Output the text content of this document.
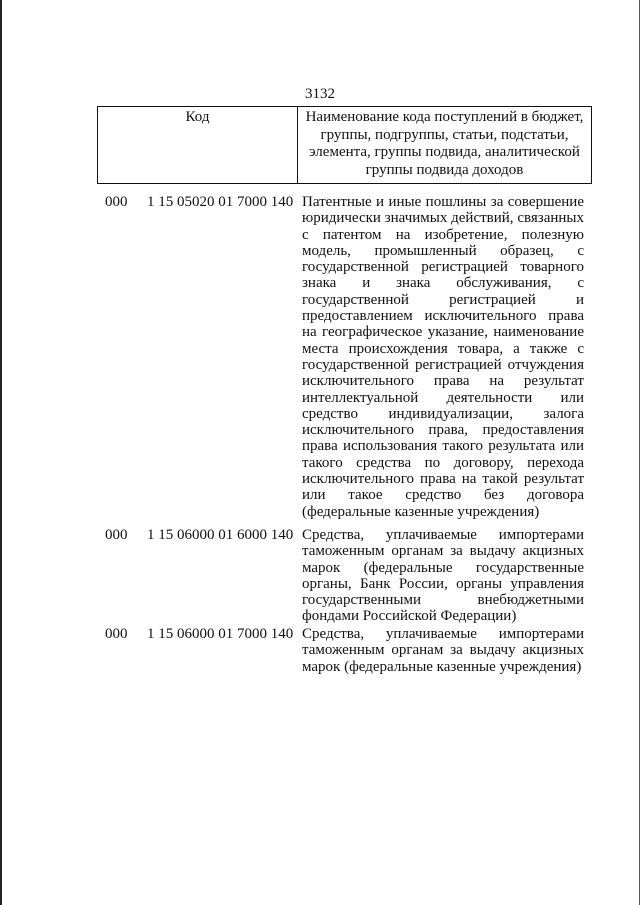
3132
Код	Наименование кода поступлений в бюджет, группы, подгруппы, статьи, подстатьи, элемента, группы подвида, аналитической группы подвида доходов
000 1 15 05020 01 7000 140 Патентные и иные пошлины за совершение юридически значимых действий, связанных с патентом на изобретение, полезную модель, промышленный образец, с государственной регистрацией товарного знака и знака обслуживания, с государственной регистрацией и предоставлением исключительного права на географическое указание, наименование места происхождения товара, а также с государственной регистрацией отчуждения исключительного права на результат интеллектуальной деятельности или средство индивидуализации, залога исключительного права, предоставления права использования такого результата или такого средства по договору, перехода исключительного права на такой результат или такое средство без договора (федеральные казенные учреждения)
000 1 15 06000 01 6000 140 Средства, уплачиваемые импортерами таможенным органам за выдачу акцизных марок (федеральные государственные органы, Банк России, органы управления государственными внебюджетными фондами Российской Федерации)
000 1 15 06000 01 7000 140 Средства, уплачиваемые импортерами таможенным органам за выдачу акцизных марок (федеральные казенные учреждения)
